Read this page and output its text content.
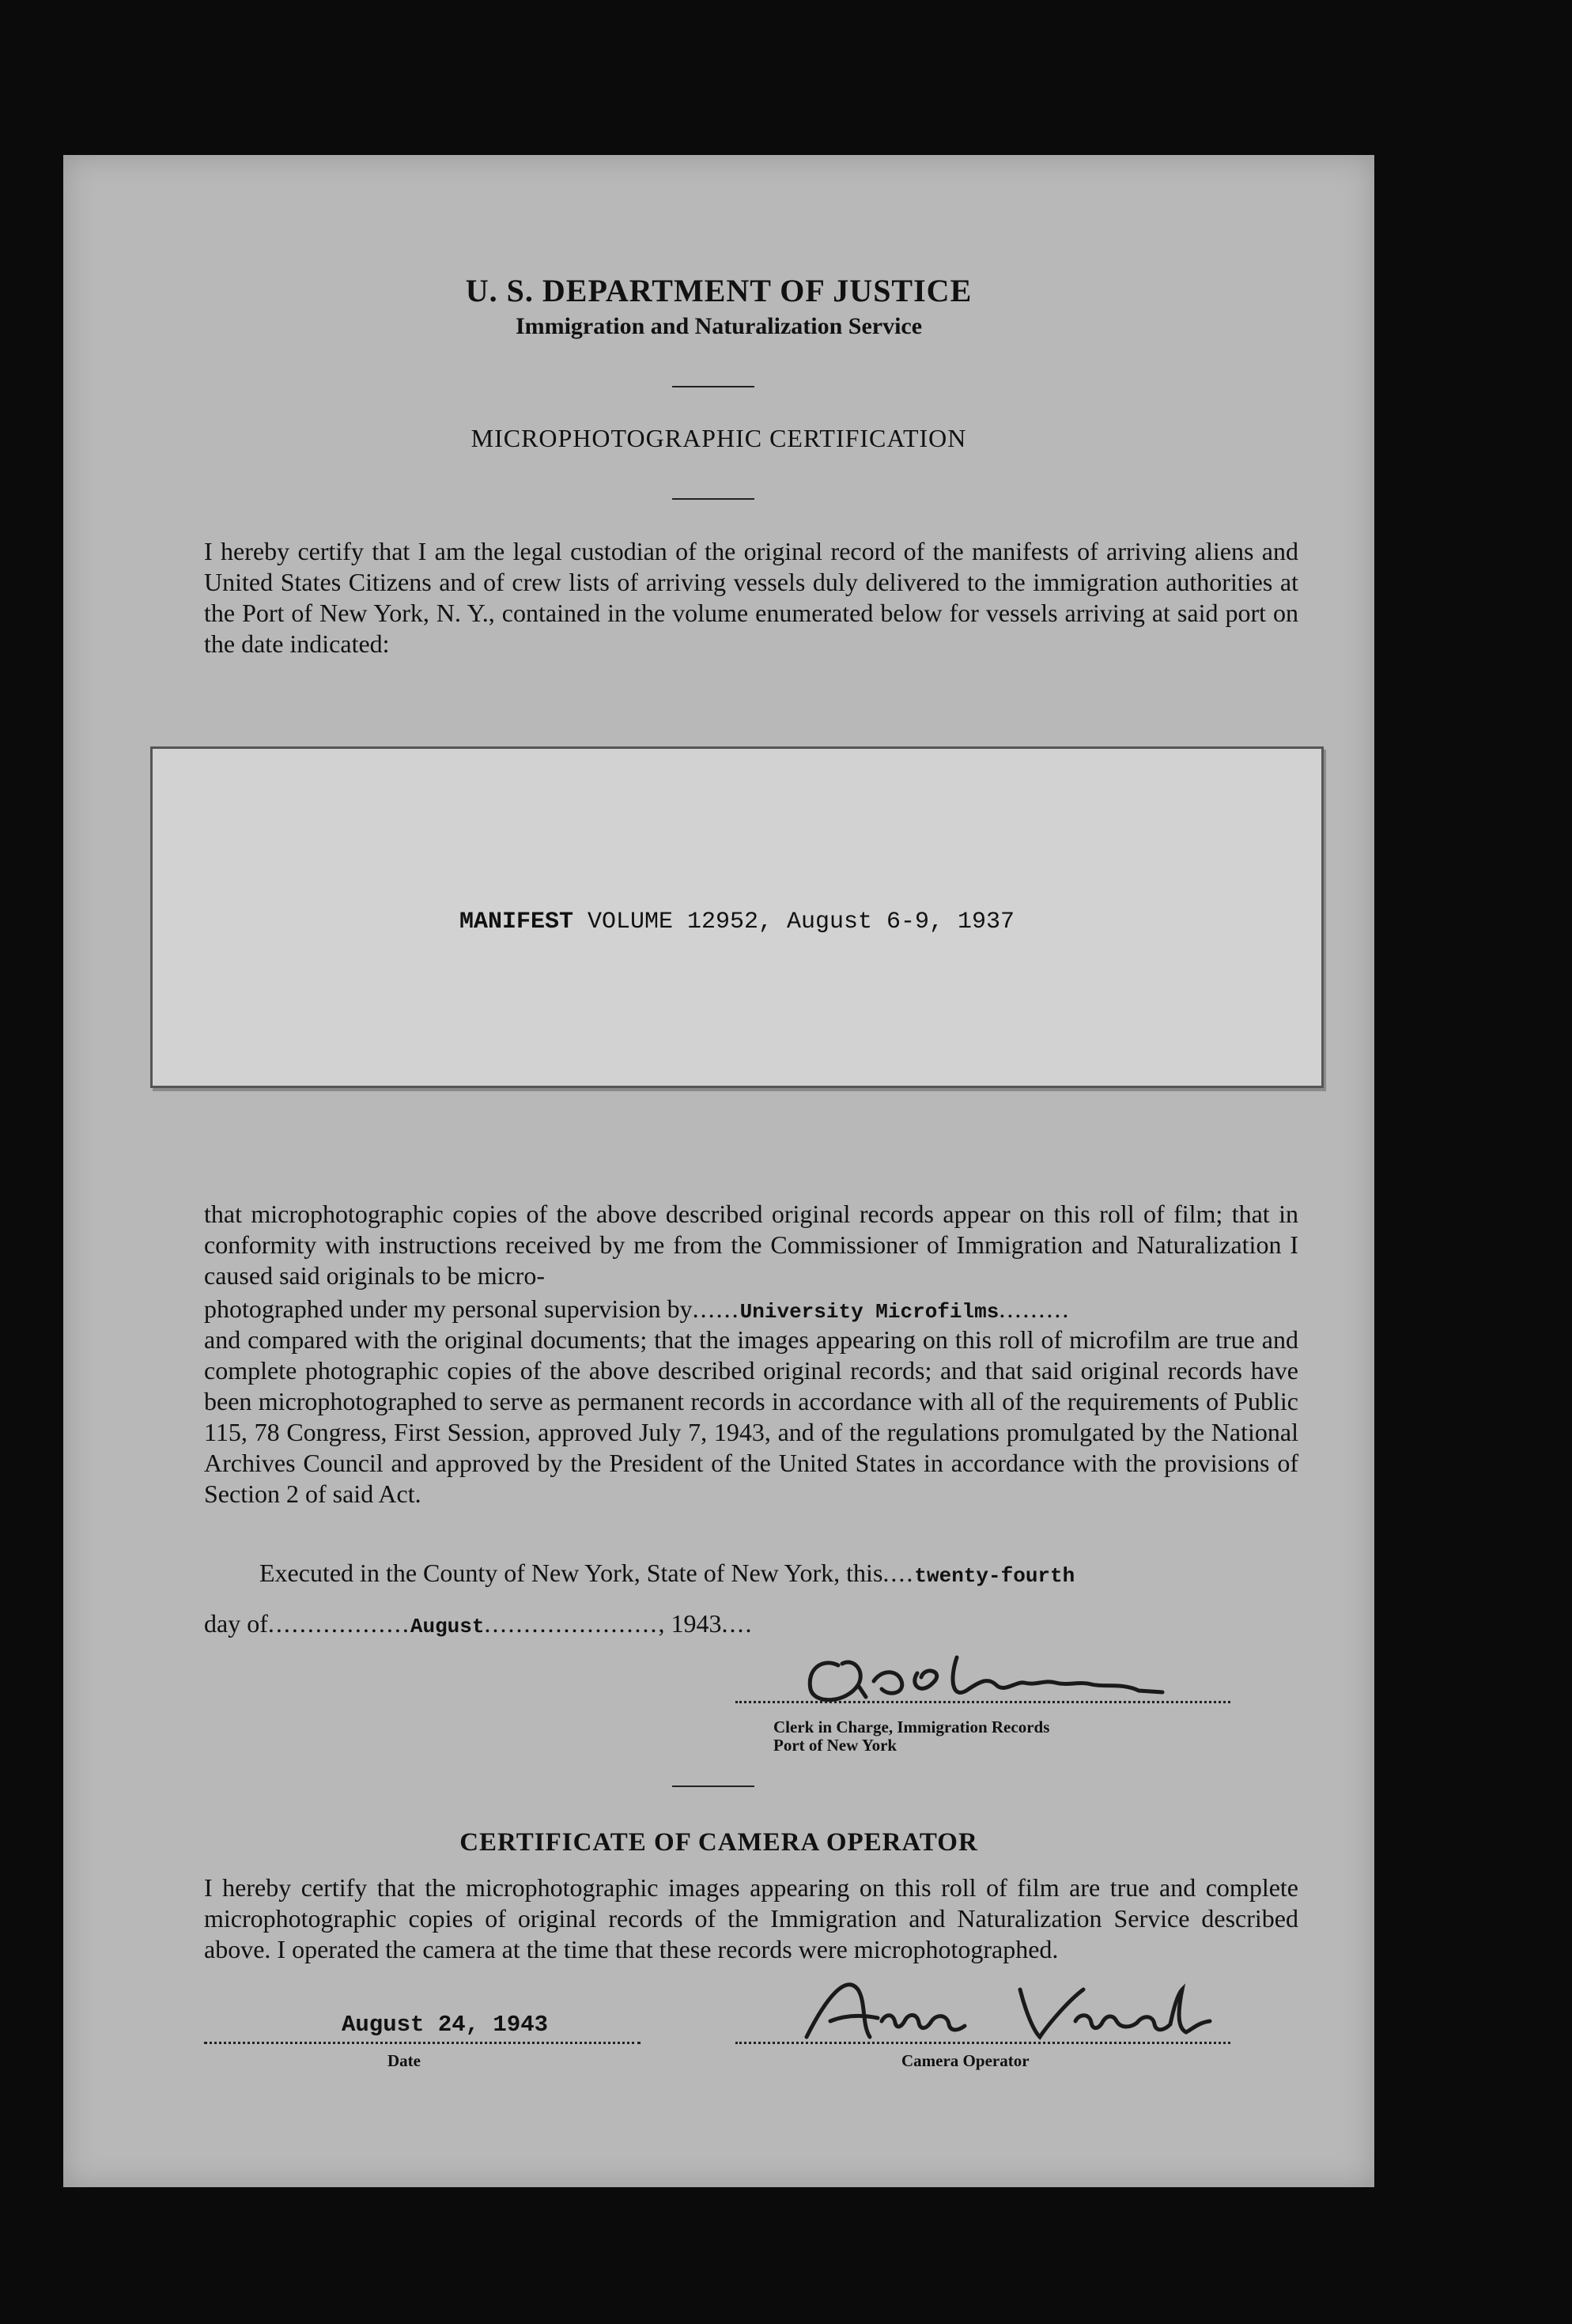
U. S. DEPARTMENT OF JUSTICE
Immigration and Naturalization Service
MICROPHOTOGRAPHIC CERTIFICATION
I hereby certify that I am the legal custodian of the original record of the manifests of arriving aliens and United States Citizens and of crew lists of arriving vessels duly delivered to the immigration authorities at the Port of New York, N. Y., contained in the volume enumerated below for vessels arriving at said port on the date indicated:
MANIFEST VOLUME 12952, August 6-9, 1937
that microphotographic copies of the above described original records appear on this roll of film; that in conformity with instructions received by me from the Commissioner of Immigration and Naturalization I caused said originals to be micro-
photographed under my personal supervision by......University Microfilms.........
and compared with the original documents; that the images appearing on this roll of microfilm are true and complete photographic copies of the above described original records; and that said original records have been microphotographed to serve as permanent records in accordance with all of the requirements of Public 115, 78 Congress, First Session, approved July 7, 1943, and of the regulations promulgated by the National Archives Council and approved by the President of the United States in accordance with the provisions of Section 2 of said Act.
Executed in the County of New York, State of New York, this....twenty-fourth
day of..................August......................, 1943....
Clerk in Charge, Immigration Records
Port of New York
CERTIFICATE OF CAMERA OPERATOR
I hereby certify that the microphotographic images appearing on this roll of film are true and complete microphotographic copies of original records of the Immigration and Naturalization Service described above. I operated the camera at the time that these records were microphotographed.
August 24, 1943
Date	Camera Operator
